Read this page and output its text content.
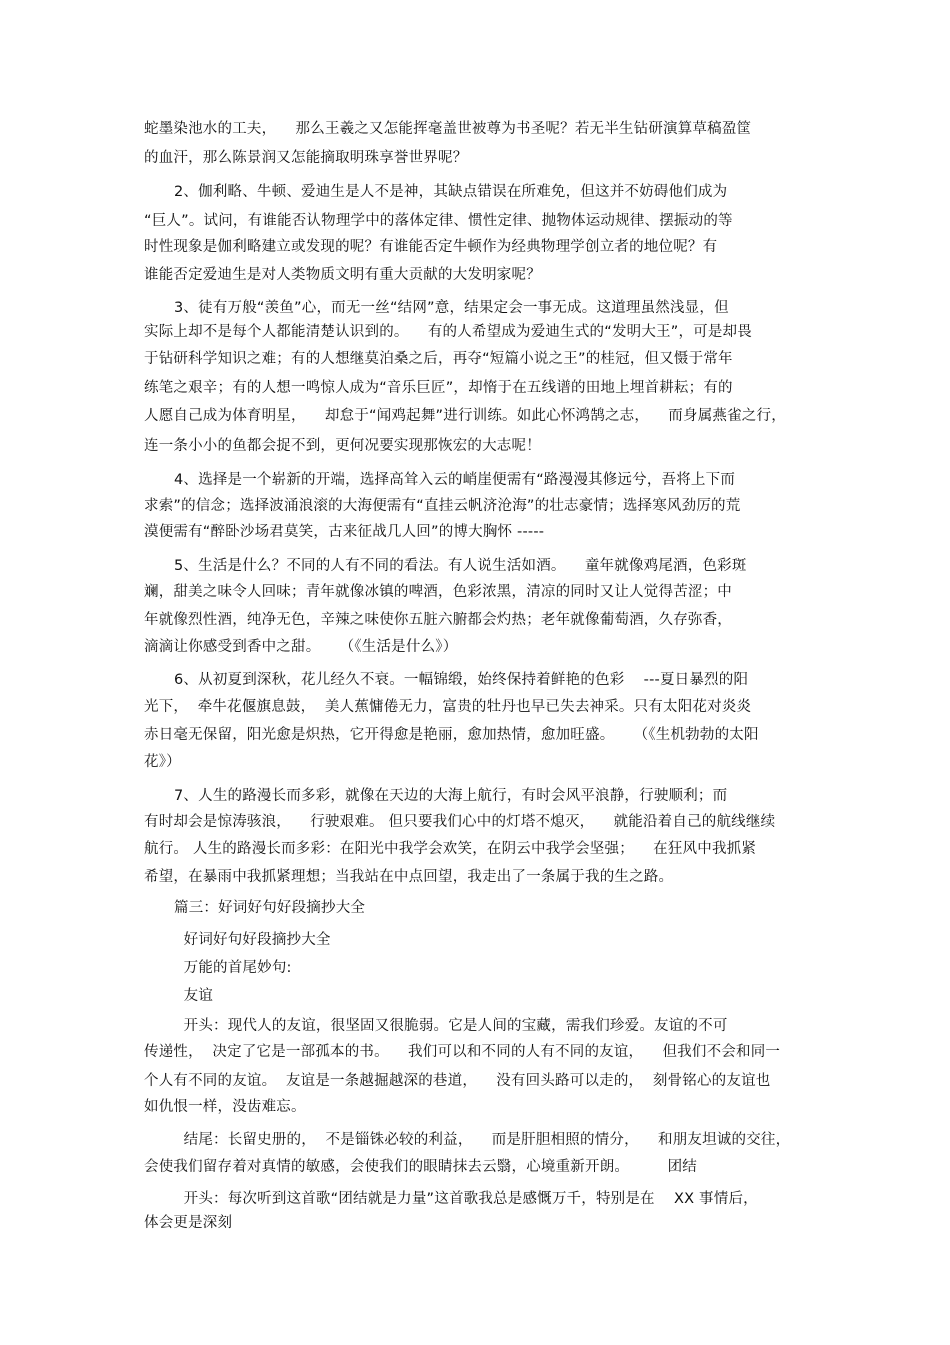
蛇墨染池水的工夫，    那么王羲之又怎能挥毫盖世被尊为书圣呢？若无半生钻研演算草稿盈筐
的血汗，那么陈景润又怎能摘取明珠享誉世界呢？
2、伽利略、牛顿、爱迪生是人不是神，其缺点错误在所难免，但这并不妨碍他们成为
“巨人”。试问，有谁能否认物理学中的落体定律、惯性定律、抛物体运动规律、摆振动的等
时性现象是伽利略建立或发现的呢？有谁能否定牛顿作为经典物理学创立者的地位呢？有
谁能否定爱迪生是对人类物质文明有重大贡献的大发明家呢？
3、徒有万般“羡鱼”心，而无一丝“结网”意，结果定会一事无成。这道理虽然浅显，但
实际上却不是每个人都能清楚认识到的。    有的人希望成为爱迪生式的“发明大王”，可是却畏
于钻研科学知识之难；有的人想继莫泊桑之后，再夺“短篇小说之王”的桂冠，但又慑于常年
练笔之艰辛；有的人想一鸣惊人成为“音乐巨匠”，却惰于在五线谱的田地上埋首耕耘；有的
人愿自己成为体育明星，    却怠于“闻鸡起舞”进行训练。如此心怀鸿鹄之志，    而身属燕雀之行，
连一条小小的鱼都会捉不到，更何况要实现那恢宏的大志呢！
4、选择是一个崭新的开端，选择高耸入云的峭崖便需有“路漫漫其修远兮，吾将上下而
求索”的信念；选择波涌浪滚的大海便需有“直挂云帆济沧海”的壮志豪情；选择寒风劲厉的荒
漠便需有“醉卧沙场君莫笑，古来征战几人回”的博大胸怀 -----
5、生活是什么？不同的人有不同的看法。有人说生活如酒。    童年就像鸡尾酒，色彩斑
斓，甜美之味令人回味；青年就像冰镇的啤酒，色彩浓黑，清凉的同时又让人觉得苦涩；中
年就像烈性酒，纯净无色，辛辣之味使你五脏六腑都会灼热；老年就像葡萄酒，久存弥香，
滴滴让你感受到香中之甜。    （《生活是什么》）
6、从初夏到深秋，花儿经久不衰。一幅锦缎，始终保持着鲜艳的色彩    ---夏日暴烈的阳
光下，  牵牛花偃旗息鼓，  美人蕉慵倦无力，富贵的牡丹也早已失去神采。只有太阳花对炎炎
赤日毫无保留，阳光愈是炽热，它开得愈是艳丽，愈加热情，愈加旺盛。    （《生机勃勃的太阳
花》）
7、人生的路漫长而多彩，就像在天边的大海上航行，有时会风平浪静，行驶顺利；而
有时却会是惊涛骇浪，    行驶艰难。 但只要我们心中的灯塔不熄灭，    就能沿着自己的航线继续
航行。 人生的路漫长而多彩：在阳光中我学会欢笑，在阴云中我学会坚强；    在狂风中我抓紧
希望，在暴雨中我抓紧理想；当我站在中点回望，我走出了一条属于我的生之路。
篇三：好词好句好段摘抄大全
好词好句好段摘抄大全
万能的首尾妙句:
友谊
开头：现代人的友谊，很坚固又很脆弱。它是人间的宝藏，需我们珍爱。友谊的不可
传递性，  决定了它是一部孤本的书。    我们可以和不同的人有不同的友谊，    但我们不会和同一
个人有不同的友谊。  友谊是一条越掘越深的巷道，    没有回头路可以走的，  刻骨铭心的友谊也
如仇恨一样，没齿难忘。
结尾：长留史册的，  不是锱铢必较的利益，    而是肝胆相照的情分，    和朋友坦诚的交往，
会使我们留存着对真情的敏感，会使我们的眼睛抹去云翳，心境重新开朗。        团结
开头：每次听到这首歌“团结就是力量”这首歌我总是感慨万千，特别是在    XX 事情后，
体会更是深刻
